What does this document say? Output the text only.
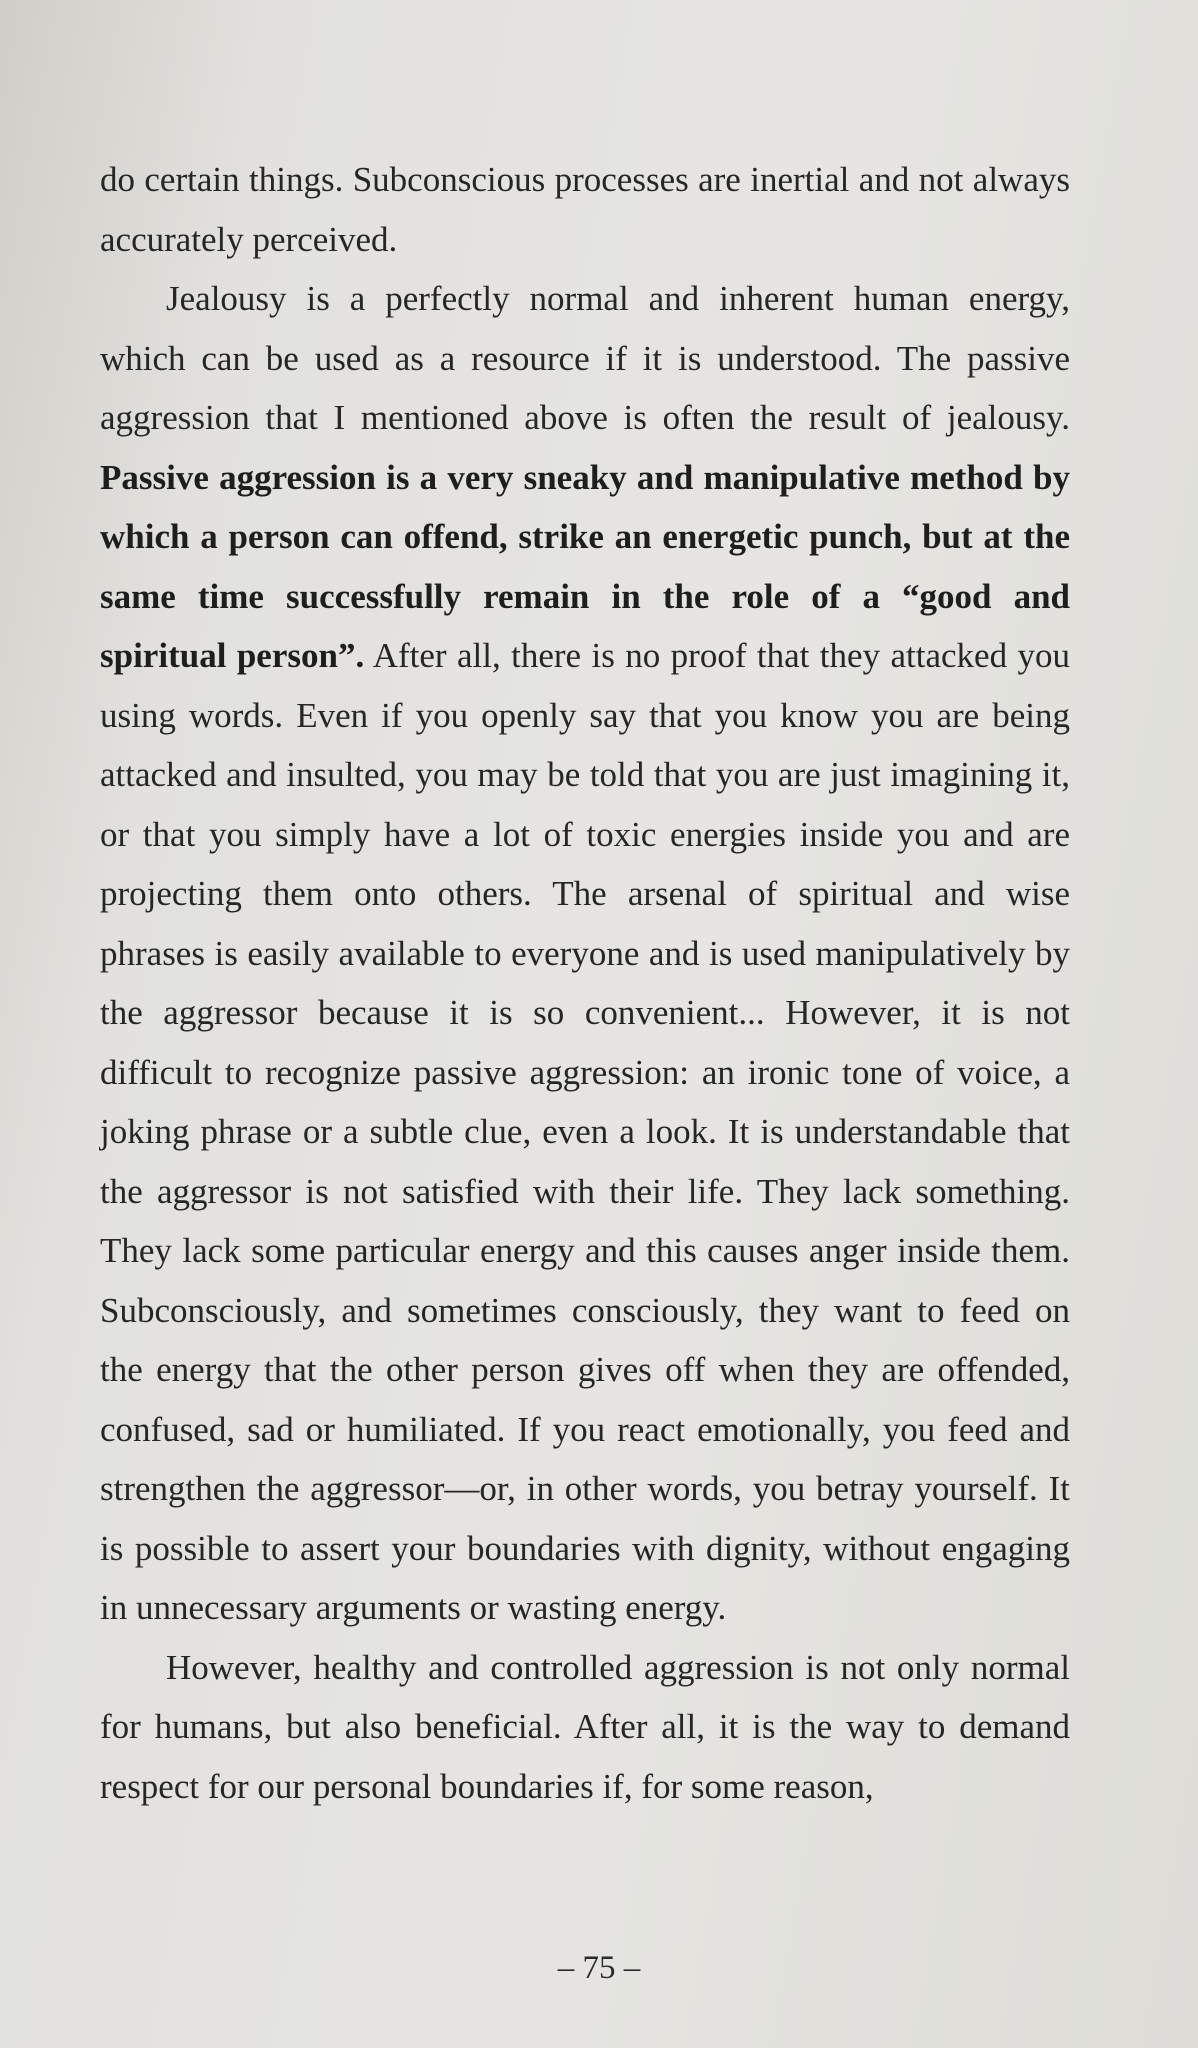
do certain things. Subconscious processes are inertial and not always accurately perceived.

Jealousy is a perfectly normal and inherent human energy, which can be used as a resource if it is understood. The passive aggression that I mentioned above is often the result of jealousy. Passive aggression is a very sneaky and manipulative method by which a person can offend, strike an energetic punch, but at the same time successfully remain in the role of a “good and spiritual person”. After all, there is no proof that they attacked you using words. Even if you openly say that you know you are being attacked and insulted, you may be told that you are just imagining it, or that you simply have a lot of toxic energies inside you and are projecting them onto others. The arsenal of spiritual and wise phrases is easily available to everyone and is used manipulatively by the aggressor because it is so convenient... However, it is not difficult to recognize passive aggression: an ironic tone of voice, a joking phrase or a subtle clue, even a look. It is understandable that the aggressor is not satisfied with their life. They lack something. They lack some particular energy and this causes anger inside them. Subconsciously, and sometimes consciously, they want to feed on the energy that the other person gives off when they are offended, confused, sad or humiliated. If you react emotionally, you feed and strengthen the aggressor—or, in other words, you betray yourself. It is possible to assert your boundaries with dignity, without engaging in unnecessary arguments or wasting energy.

However, healthy and controlled aggression is not only normal for humans, but also beneficial. After all, it is the way to demand respect for our personal boundaries if, for some reason,

– 75 –
